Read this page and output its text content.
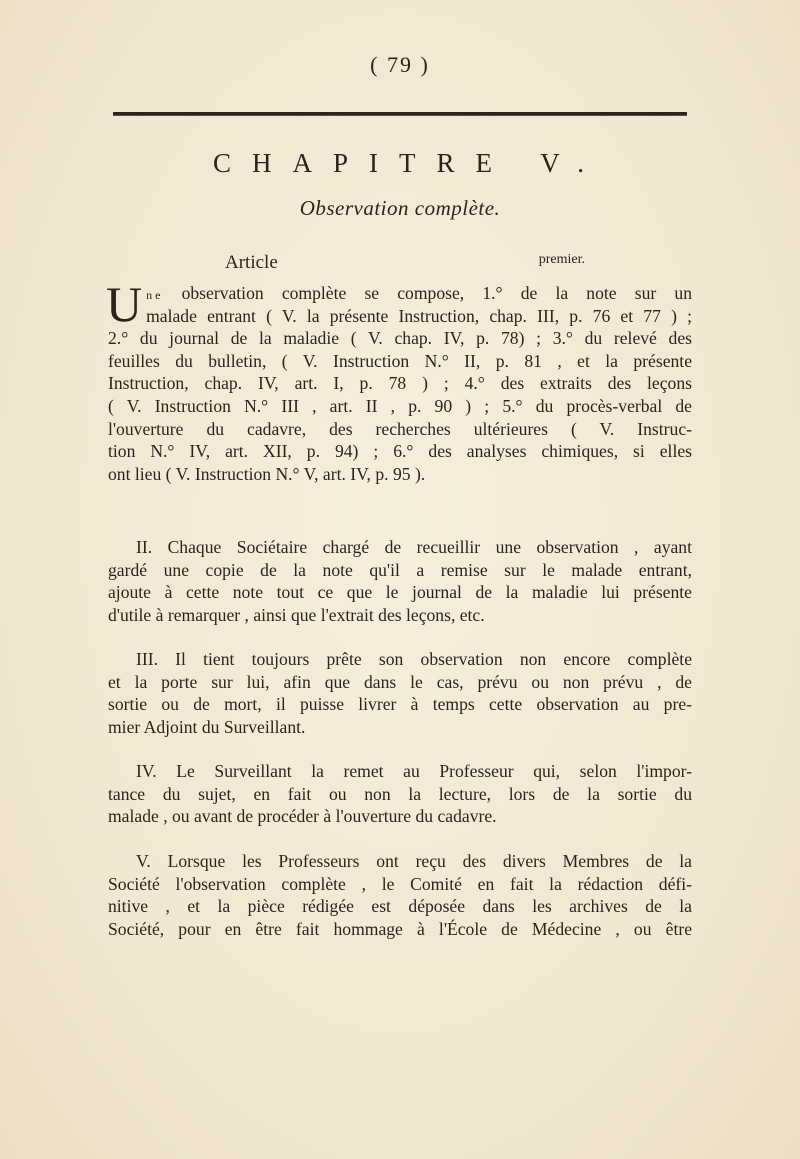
( 79 )
CHAPITRE V.
Observation complète.
Article	premier.
U ne observation complète se compose, 1.° de la note sur un
malade entrant ( V. la présente Instruction, chap. III, p. 76 et 77 ) ;
2.° du journal de la maladie ( V. chap. IV, p. 78) ; 3.° du relevé des
feuilles du bulletin, ( V. Instruction N.° II, p. 81 , et la présente
Instruction, chap. IV, art. I, p. 78 ) ; 4.° des extraits des leçons
( V. Instruction N.° III , art. II , p. 90 ) ; 5.° du procès-verbal de
l'ouverture du cadavre, des recherches ultérieures ( V. Instruc-
tion N.° IV, art. XII, p. 94) ; 6.° des analyses chimiques, si elles
ont lieu ( V. Instruction N.° V, art. IV, p. 95 ).
II. Chaque Sociétaire chargé de recueillir une observation , ayant
gardé une copie de la note qu'il a remise sur le malade entrant,
ajoute à cette note tout ce que le journal de la maladie lui présente
d'utile à remarquer , ainsi que l'extrait des leçons, etc.
III. Il tient toujours prête son observation non encore complète
et la porte sur lui, afin que dans le cas, prévu ou non prévu , de
sortie ou de mort, il puisse livrer à temps cette observation au pre-
mier Adjoint du Surveillant.
IV. Le Surveillant la remet au Professeur qui, selon l'impor-
tance du sujet, en fait ou non la lecture, lors de la sortie du
malade , ou avant de procéder à l'ouverture du cadavre.
V. Lorsque les Professeurs ont reçu des divers Membres de la
Société l'observation complète , le Comité en fait la rédaction défi-
nitive , et la pièce rédigée est déposée dans les archives de la
Société, pour en être fait hommage à l'École de Médecine , ou être
